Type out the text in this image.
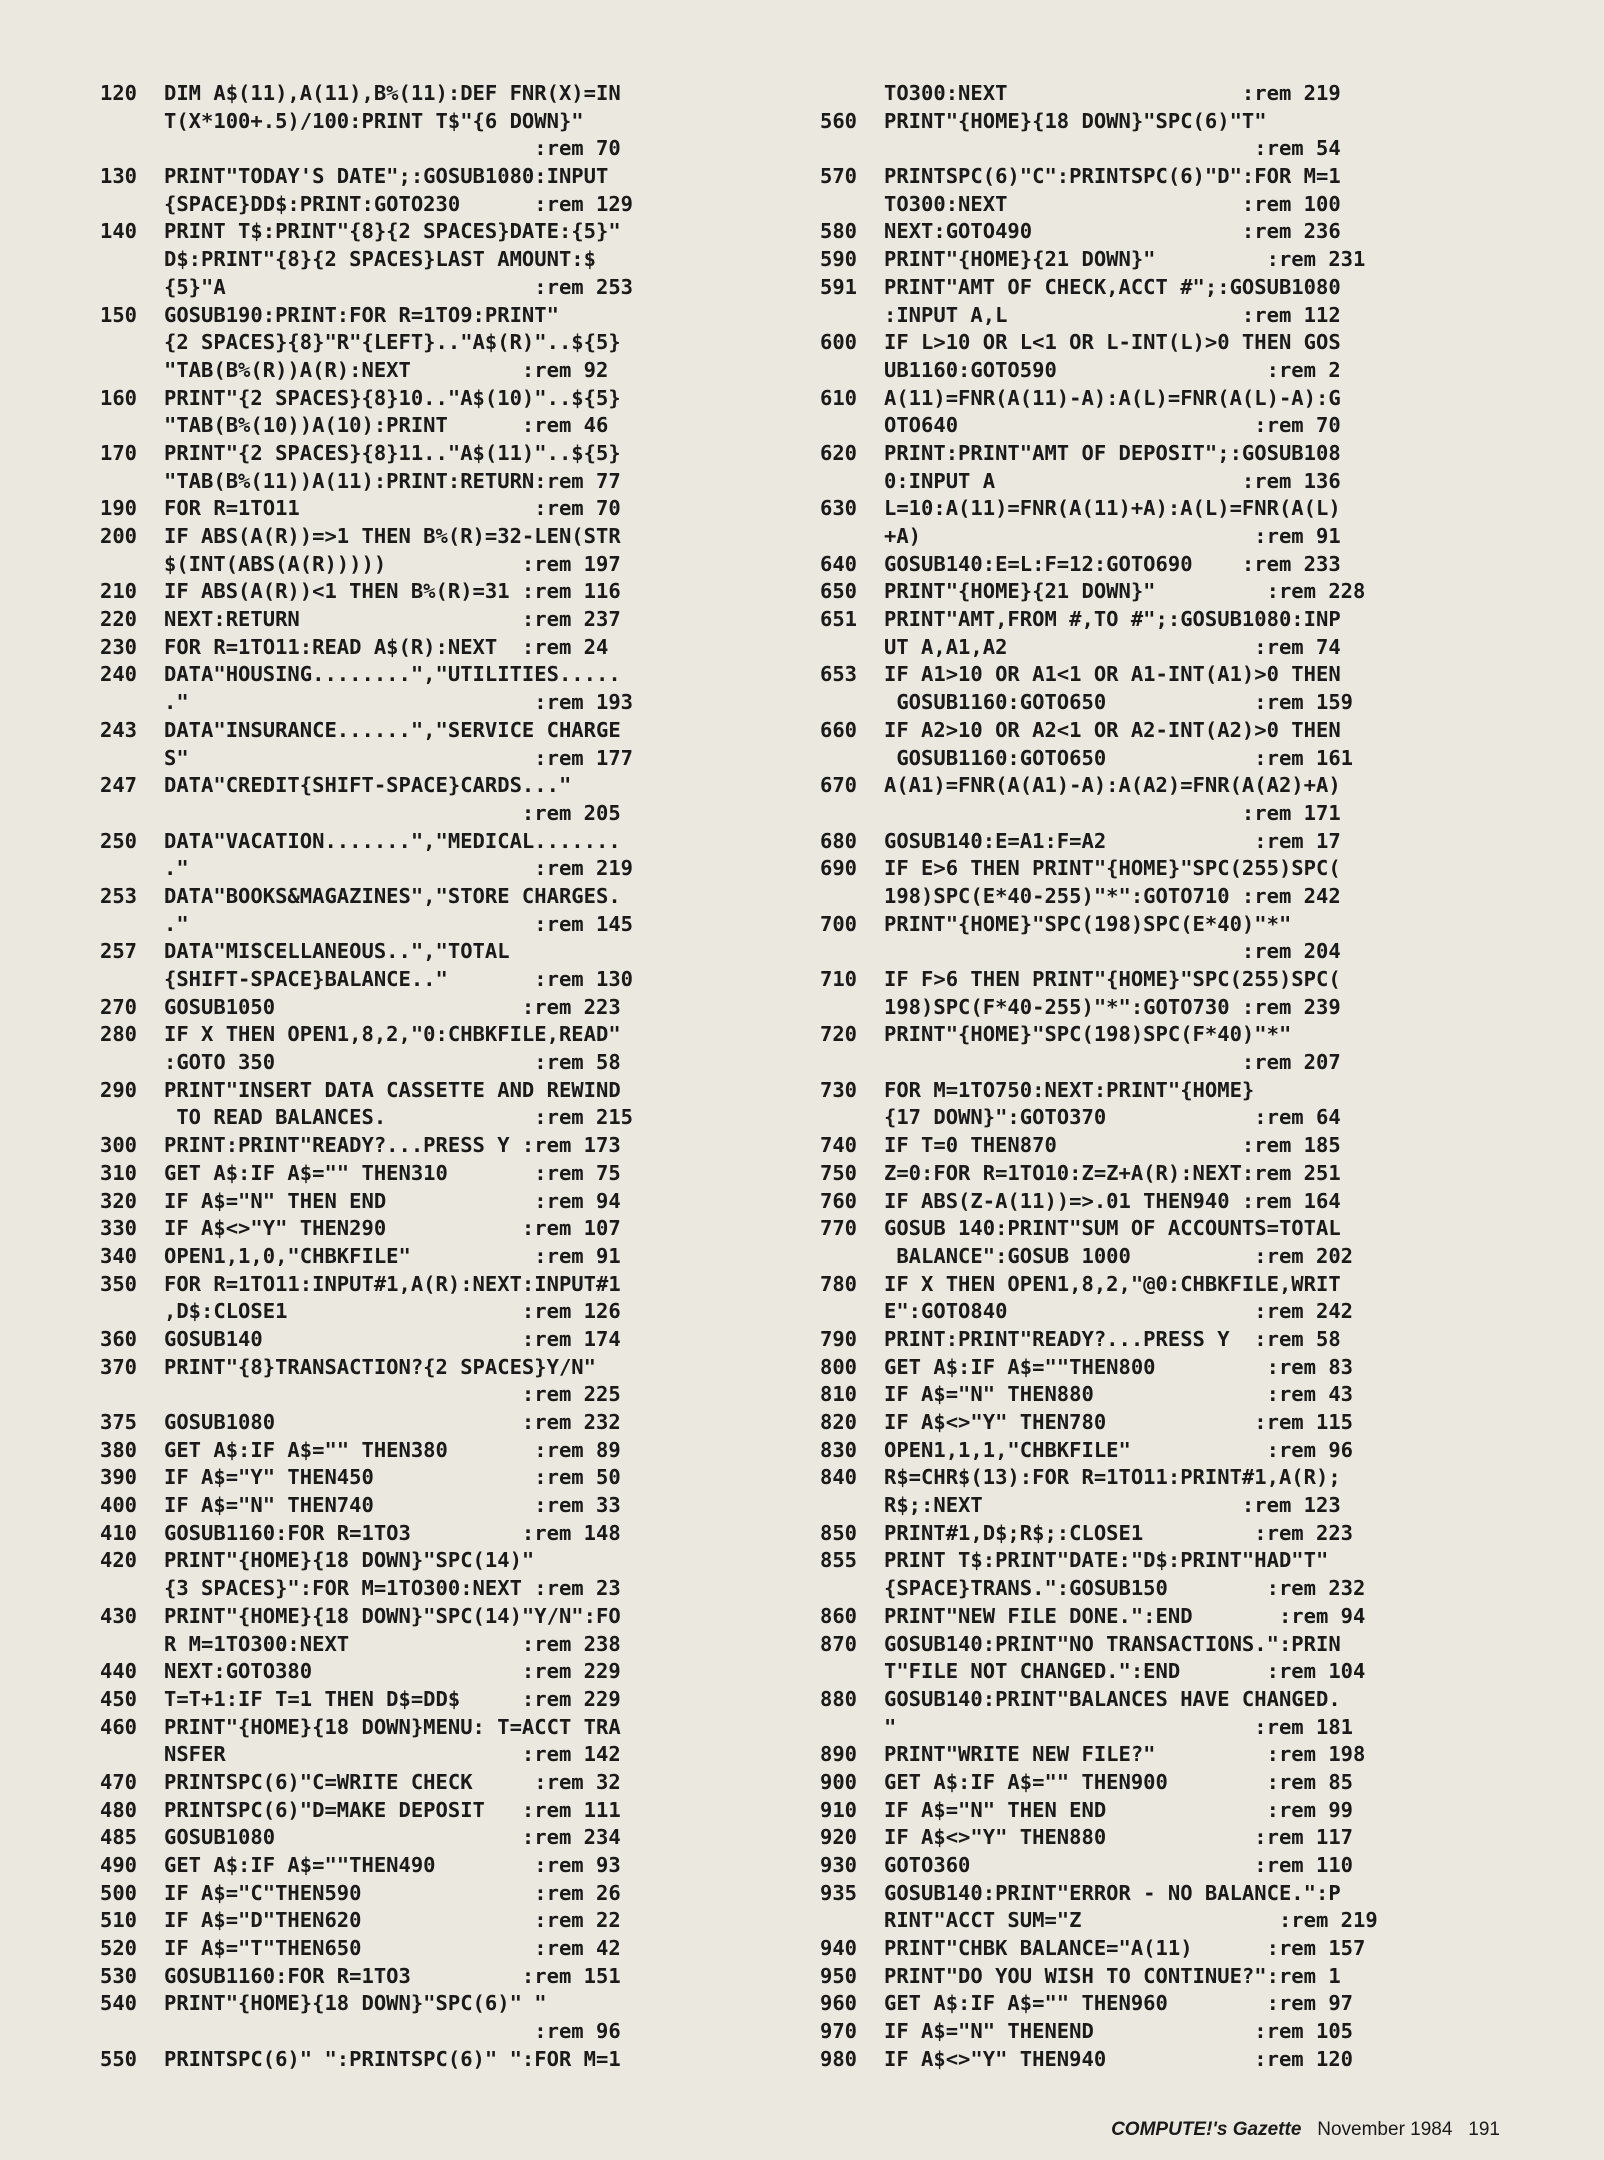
120	DIM A$(11),A(11),B%(11):DEF FNR(X)=IN
T(X*100+.5)/100:PRINT T$"{6 DOWN}"
:rem 70
130	PRINT"TODAY'S DATE";:GOSUB1080:INPUT
{SPACE}DD$:PRINT:GOTO230      :rem 129
140	PRINT T$:PRINT"{8}{2 SPACES}DATE:{5}"
D$:PRINT"{8}{2 SPACES}LAST AMOUNT:$
{5}"A                         :rem 253
150	GOSUB190:PRINT:FOR R=1TO9:PRINT"
{2 SPACES}{8}"R"{LEFT}.."A$(R)"..${5}
"TAB(B%(R))A(R):NEXT         :rem 92
160	PRINT"{2 SPACES}{8}10.."A$(10)"..${5}
"TAB(B%(10))A(10):PRINT      :rem 46
170	PRINT"{2 SPACES}{8}11.."A$(11)"..${5}
"TAB(B%(11))A(11):PRINT:RETURN:rem 77
190	FOR R=1TO11                   :rem 70
200	IF ABS(A(R))=>1 THEN B%(R)=32-LEN(STR
$(INT(ABS(A(R)))))           :rem 197
210	IF ABS(A(R))<1 THEN B%(R)=31 :rem 116
220	NEXT:RETURN                  :rem 237
230	FOR R=1TO11:READ A$(R):NEXT  :rem 24
240	DATA"HOUSING........","UTILITIES.....
."                            :rem 193
243	DATA"INSURANCE......","SERVICE CHARGE
S"                            :rem 177
247	DATA"CREDIT{SHIFT-SPACE}CARDS..."
:rem 205
250	DATA"VACATION.......","MEDICAL.......
."                            :rem 219
253	DATA"BOOKS&MAGAZINES","STORE CHARGES.
."                            :rem 145
257	DATA"MISCELLANEOUS..","TOTAL
{SHIFT-SPACE}BALANCE.."       :rem 130
270	GOSUB1050                    :rem 223
280	IF X THEN OPEN1,8,2,"0:CHBKFILE,READ"
:GOTO 350                     :rem 58
290	PRINT"INSERT DATA CASSETTE AND REWIND
TO READ BALANCES.            :rem 215
300	PRINT:PRINT"READY?...PRESS Y :rem 173
310	GET A$:IF A$="" THEN310       :rem 75
320	IF A$="N" THEN END            :rem 94
330	IF A$<>"Y" THEN290           :rem 107
340	OPEN1,1,0,"CHBKFILE"          :rem 91
350	FOR R=1TO11:INPUT#1,A(R):NEXT:INPUT#1
,D$:CLOSE1                   :rem 126
360	GOSUB140                     :rem 174
370	PRINT"{8}TRANSACTION?{2 SPACES}Y/N"
:rem 225
375	GOSUB1080                    :rem 232
380	GET A$:IF A$="" THEN380       :rem 89
390	IF A$="Y" THEN450             :rem 50
400	IF A$="N" THEN740             :rem 33
410	GOSUB1160:FOR R=1TO3         :rem 148
420	PRINT"{HOME}{18 DOWN}"SPC(14)"
{3 SPACES}":FOR M=1TO300:NEXT :rem 23
430	PRINT"{HOME}{18 DOWN}"SPC(14)"Y/N":FO
R M=1TO300:NEXT              :rem 238
440	NEXT:GOTO380                 :rem 229
450	T=T+1:IF T=1 THEN D$=DD$     :rem 229
460	PRINT"{HOME}{18 DOWN}MENU: T=ACCT TRA
NSFER                        :rem 142
470	PRINTSPC(6)"C=WRITE CHECK     :rem 32
480	PRINTSPC(6)"D=MAKE DEPOSIT   :rem 111
485	GOSUB1080                    :rem 234
490	GET A$:IF A$=""THEN490        :rem 93
500	IF A$="C"THEN590              :rem 26
510	IF A$="D"THEN620              :rem 22
520	IF A$="T"THEN650              :rem 42
530	GOSUB1160:FOR R=1TO3         :rem 151
540	PRINT"{HOME}{18 DOWN}"SPC(6)" "
:rem 96
550	PRINTSPC(6)" ":PRINTSPC(6)" ":FOR M=1
TO300:NEXT                   :rem 219
560	PRINT"{HOME}{18 DOWN}"SPC(6)"T"
:rem 54
570	PRINTSPC(6)"C":PRINTSPC(6)"D":FOR M=1
TO300:NEXT                   :rem 100
580	NEXT:GOTO490                 :rem 236
590	PRINT"{HOME}{21 DOWN}"         :rem 231
591	PRINT"AMT OF CHECK,ACCT #";:GOSUB1080
:INPUT A,L                   :rem 112
600	IF L>10 OR L<1 OR L-INT(L)>0 THEN GOS
UB1160:GOTO590                 :rem 2
610	A(11)=FNR(A(11)-A):A(L)=FNR(A(L)-A):G
OTO640                        :rem 70
620	PRINT:PRINT"AMT OF DEPOSIT";:GOSUB108
0:INPUT A                    :rem 136
630	L=10:A(11)=FNR(A(11)+A):A(L)=FNR(A(L)
+A)                           :rem 91
640	GOSUB140:E=L:F=12:GOTO690    :rem 233
650	PRINT"{HOME}{21 DOWN}"         :rem 228
651	PRINT"AMT,FROM #,TO #";:GOSUB1080:INP
UT A,A1,A2                    :rem 74
653	IF A1>10 OR A1<1 OR A1-INT(A1)>0 THEN
GOSUB1160:GOTO650            :rem 159
660	IF A2>10 OR A2<1 OR A2-INT(A2)>0 THEN
GOSUB1160:GOTO650            :rem 161
670	A(A1)=FNR(A(A1)-A):A(A2)=FNR(A(A2)+A)
:rem 171
680	GOSUB140:E=A1:F=A2            :rem 17
690	IF E>6 THEN PRINT"{HOME}"SPC(255)SPC(
198)SPC(E*40-255)"*":GOTO710 :rem 242
700	PRINT"{HOME}"SPC(198)SPC(E*40)"*"
:rem 204
710	IF F>6 THEN PRINT"{HOME}"SPC(255)SPC(
198)SPC(F*40-255)"*":GOTO730 :rem 239
720	PRINT"{HOME}"SPC(198)SPC(F*40)"*"
:rem 207
730	FOR M=1TO750:NEXT:PRINT"{HOME}
{17 DOWN}":GOTO370            :rem 64
740	IF T=0 THEN870               :rem 185
750	Z=0:FOR R=1TO10:Z=Z+A(R):NEXT:rem 251
760	IF ABS(Z-A(11))=>.01 THEN940 :rem 164
770	GOSUB 140:PRINT"SUM OF ACCOUNTS=TOTAL
BALANCE":GOSUB 1000          :rem 202
780	IF X THEN OPEN1,8,2,"@0:CHBKFILE,WRIT
E":GOTO840                    :rem 242
790	PRINT:PRINT"READY?...PRESS Y  :rem 58
800	GET A$:IF A$=""THEN800         :rem 83
810	IF A$="N" THEN880              :rem 43
820	IF A$<>"Y" THEN780            :rem 115
830	OPEN1,1,1,"CHBKFILE"           :rem 96
840	R$=CHR$(13):FOR R=1TO11:PRINT#1,A(R);
R$;:NEXT                     :rem 123
850	PRINT#1,D$;R$;:CLOSE1         :rem 223
855	PRINT T$:PRINT"DATE:"D$:PRINT"HAD"T"
{SPACE}TRANS.":GOSUB150        :rem 232
860	PRINT"NEW FILE DONE.":END       :rem 94
870	GOSUB140:PRINT"NO TRANSACTIONS.":PRIN
T"FILE NOT CHANGED.":END       :rem 104
880	GOSUB140:PRINT"BALANCES HAVE CHANGED.
"                             :rem 181
890	PRINT"WRITE NEW FILE?"         :rem 198
900	GET A$:IF A$="" THEN900        :rem 85
910	IF A$="N" THEN END             :rem 99
920	IF A$<>"Y" THEN880            :rem 117
930	GOTO360                       :rem 110
935	GOSUB140:PRINT"ERROR - NO BALANCE.":P
RINT"ACCT SUM="Z                :rem 219
940	PRINT"CHBK BALANCE="A(11)      :rem 157
950	PRINT"DO YOU WISH TO CONTINUE?":rem 1
960	GET A$:IF A$="" THEN960        :rem 97
970	IF A$="N" THENEND             :rem 105
980	IF A$<>"Y" THEN940            :rem 120
COMPUTE!'s Gazette November 1984 191
